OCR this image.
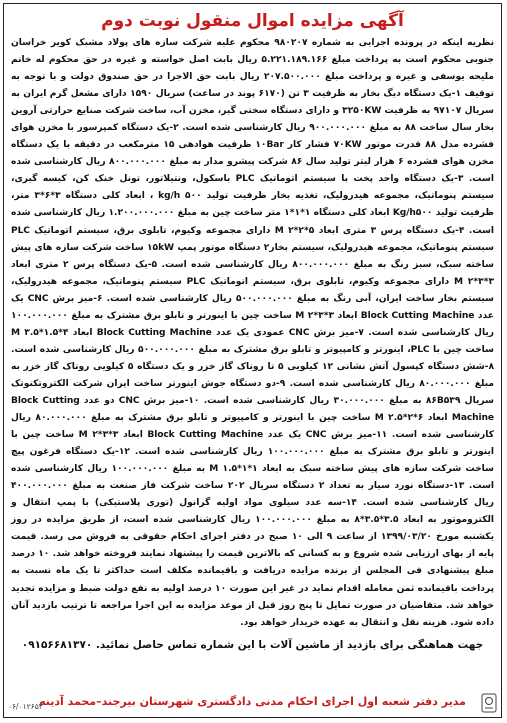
آگهی مزایده اموال منقول نوبت دوم
نظریه اینکه در پرونده اجرایی به شماره ۹۸۰۲۰۷ محکوم علیه شرکت سازه های پولاد مشبک کویر خراسان جنوبی محکوم است به پرداخت مبلغ ۵.۲۲۱.۱۸۹.۱۶۶ ریال بابت اصل خواسته و غیره در حق محکوم له خانم ملیحه یوسفی و غیره و پرداخت مبلغ ۲۰۷.۵۰۰.۰۰۰ ریال بابت حق الاجرا در حق صندوق دولت و با توجه به توقیف ۱-یک دستگاه دیگ بخار به ظرفیت ۳ تن (۶۱۷۰ پوند در ساعت) سریال ۱۵۹۰ دارای مشعل گرم ایران به سریال ۹۷۱۰۷ به ظرفیت ۳۲۵۰KW و دارای دستگاه سختی گیر، مخزن آب، ساخت شرکت صنایع حرارتی آروین بخار سال ساخت ۸۸ به مبلغ ۹۰۰.۰۰۰.۰۰۰ ریال کارشناسی شده است. ۲-یک دستگاه کمپرسور با مخزن هوای فشرده مدل ۸۸ قدرت موتور ۷۰KW فشار کار ۱۰Bar ظرفیت هوادهی ۱۵ مترمکعب در دقیقه با یک دستگاه مخزن هوای فشرده ۶ هزار لیتر تولید سال ۸۶ شرکت پیشرو مدار به مبلغ ۸۰۰.۰۰۰.۰۰۰ ریال کارشناسی شده است. ۳-یک دستگاه واحد پخت با سیستم اتوماتیک PLC باسکول، ونتیلاتور، تونل خنک کن، کیسه گیری، سیستم پنوماتیک، مجموعه هیدرولیک، تغذیه بخار ظرفیت تولید ۵۰۰ kg/h ، ابعاد کلی دستگاه ۳*۶*۳ متر، ظرفیت تولید Kg/h۵۰۰ ابعاد کلی دستگاه ۱*۱*۱ متر ساخت چین به مبلغ ۱.۲۰۰.۰۰۰.۰۰۰ ریال کارشناسی شده است. ۴-یک دستگاه پرس ۳ متری ابعاد ۵*۲*۲ M دارای مجموعه وکیوم، تابلوی برق، سیستم اتوماتیک PLC سیستم پنوماتیک، مجموعه هیدرولیک، سیستم بخار۲ دستگاه موتور پمپ ۱۵kW ساخت شرکت سازه های پیش ساخته سبک، سبز رنگ به مبلغ ۸۰۰.۰۰۰.۰۰۰ ریال کارشناسی شده است. ۵-یک دستگاه پرس ۲ متری ابعاد ۳*۳*۲ M دارای مجموعه وکیوم، تابلوی برق، سیستم اتوماتیک PLC سیستم پنوماتیک، مجموعه هیدرولیک، سیستم بخار ساخت ایران، آبی رنگ به مبلغ ۵۰۰.۰۰۰.۰۰۰ ریال کارشناسی شده است. ۶-میز برش CNC یک عدد Block Cutting Machine ابعاد ۳*۳*۲ M ساخت چین با اینورتر و تابلو برق مشترک به مبلغ ۱۰۰.۰۰۰.۰۰۰ ریال کارشناسی شده است. ۷-میز برش CNC عمودی یک عدد Block Cutting Machine ابعاد ۴*۱.۵*۳.۵ M ساخت چین با PLC، اینورتر و کامپیوتر و تابلو برق مشترک به مبلغ ۵۰۰.۰۰۰.۰۰۰ ریال کارشناسی شده است. ۸-شش دستگاه کپسول آتش نشانی ۱۲ کیلویی ۵ تا روناک گاز خزر و یک دستگاه ۵ کیلویی روناک گاز خزر به مبلغ ۸۰.۰۰۰.۰۰۰ ریال کارشناسی شده است. ۹-دو دستگاه جوش اینورتر ساخت ایران شرکت الکتروتکنوتک سریال ۸۶B۵۳۹ به مبلغ ۳۰.۰۰۰.۰۰۰ ریال کارشناسی شده است. ۱۰-میز برش CNC دو عدد Block Cutting Machine ابعاد ۶*۲*۲.۵ M ساخت چین با اینورتر و کامپیوتر و تابلو برق مشترک به مبلغ ۸۰.۰۰۰.۰۰۰ ریال کارشناسی شده است. ۱۱-میز برش CNC یک عدد Block Cutting Machine ابعاد ۳*۳*۲ M ساخت چین با اینورتر و تابلو برق مشترک به مبلغ ۱۰۰.۰۰۰.۰۰۰ ریال کارشناسی شده است. ۱۲-یک دستگاه فرغون پیچ ساخت شرکت سازه های پیش ساخته سبک به ابعاد ۱*۱*۱.۵ M به مبلغ ۱۰۰.۰۰۰.۰۰۰ ریال کارشناسی شده است. ۱۳-دستگاه نورد سیار به تعداد ۲ دستگاه سریال ۲۰۲ ساخت شرکت فاز صنعت به مبلغ ۴۰۰.۰۰۰.۰۰۰ ریال کارشناسی شده است. ۱۴-سه عدد سیلوی مواد اولیه گرانول (توری پلاستیکی) با پمپ انتقال و الکتروموتور به ابعاد ۳.۵*۳.۵*۸ به مبلغ ۱۰۰.۰۰۰.۰۰۰ ریال کارشناسی شده است، از طریق مزایده در روز یکشنبه مورخ ۱۳۹۹/۰۳/۲۰ از ساعت ۹ الی ۱۰ صبح در دفتر اجرای احکام حقوقی به فروش می رسد. قیمت پایه از بهای ارزیابی شده شروع و به کسانی که بالاترین قیمت را پیشنهاد نمایند فروخته خواهد شد. ۱۰ درصد مبلغ پیشنهادی فی المجلس از برنده مزایده دریافت و باقیمانده مکلف است حداکثر تا یک ماه نسبت به پرداخت باقیمانده ثمن معامله اقدام نماید در غیر این صورت ۱۰ درصد اولیه به نفع دولت ضبط و مزایده تجدید خواهد شد. متقاضیان در صورت تمایل تا پنج روز قبل از موعد مزایده به این اجرا مراجعه تا ترتیب بازدید آنان داده شود. هزینه نقل و انتقال به عهده خریدار خواهد بود.
جهت هماهنگی برای بازدید از ماشین آلات با این شماره تماس حاصل نمائید. ۰۹۱۵۶۶۸۱۳۷۰
مدیر دفتر شعبه اول اجرای احکام مدنی دادگستری شهرستان بیرجند–محمد آدینه
۰۶/۰۱۲۶۵۴
